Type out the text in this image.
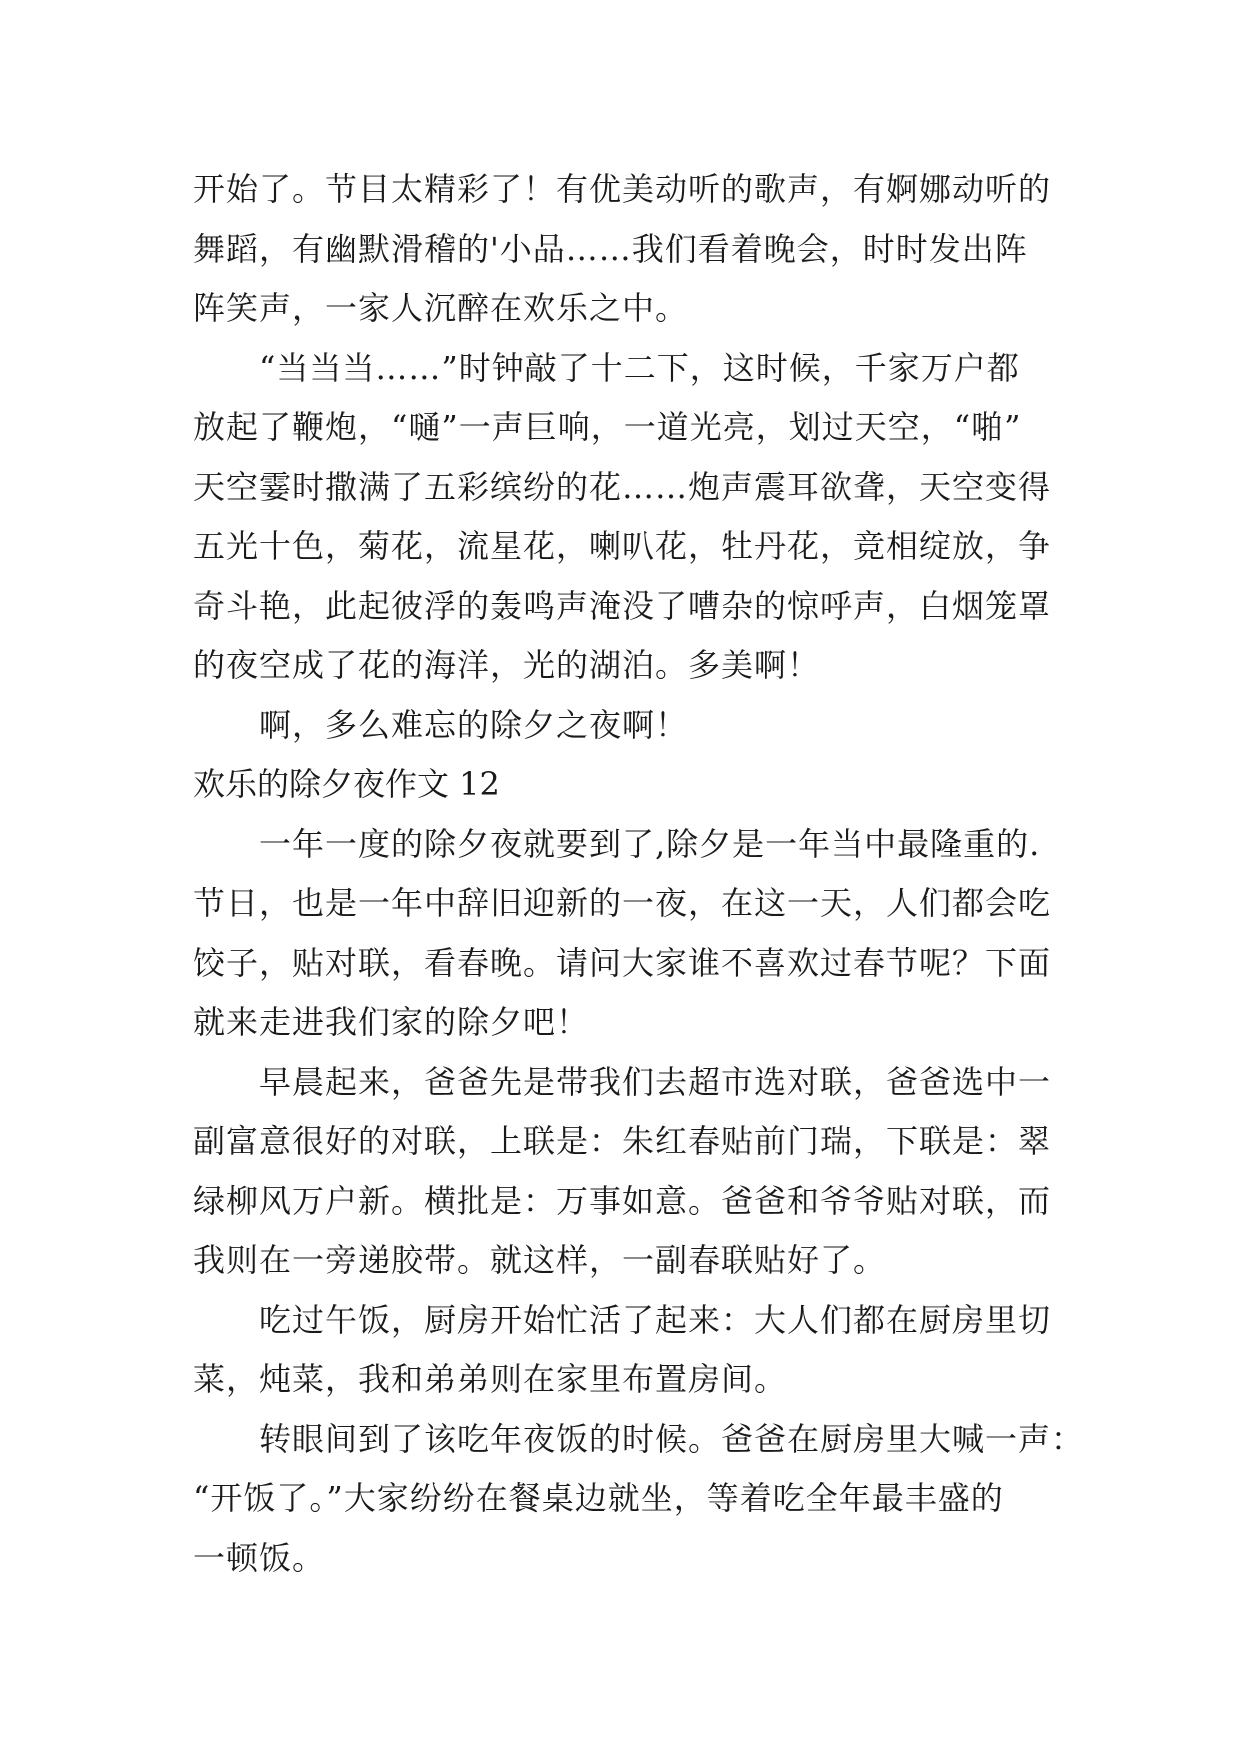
开始了。节目太精彩了！有优美动听的歌声，有婀娜动听的
舞蹈，有幽默滑稽的'小品……我们看着晚会，时时发出阵
阵笑声，一家人沉醉在欢乐之中。
“当当当……”时钟敲了十二下，这时候，千家万户都
放起了鞭炮，“嗵”一声巨响，一道光亮，划过天空，“啪”
天空霎时撒满了五彩缤纷的花……炮声震耳欲聋，天空变得
五光十色，菊花，流星花，喇叭花，牡丹花，竞相绽放，争
奇斗艳，此起彼浮的轰鸣声淹没了嘈杂的惊呼声，白烟笼罩
的夜空成了花的海洋，光的湖泊。多美啊！
啊，多么难忘的除夕之夜啊！
欢乐的除夕夜作文 12
一年一度的除夕夜就要到了,除夕是一年当中最隆重的.
节日，也是一年中辞旧迎新的一夜，在这一天，人们都会吃
饺子，贴对联，看春晚。请问大家谁不喜欢过春节呢？下面
就来走进我们家的除夕吧！
早晨起来，爸爸先是带我们去超市选对联，爸爸选中一
副富意很好的对联，上联是：朱红春贴前门瑞，下联是：翠
绿柳风万户新。横批是：万事如意。爸爸和爷爷贴对联，而
我则在一旁递胶带。就这样，一副春联贴好了。
吃过午饭，厨房开始忙活了起来：大人们都在厨房里切
菜，炖菜，我和弟弟则在家里布置房间。
转眼间到了该吃年夜饭的时候。爸爸在厨房里大喊一声：
“开饭了。”大家纷纷在餐桌边就坐，等着吃全年最丰盛的
一顿饭。
